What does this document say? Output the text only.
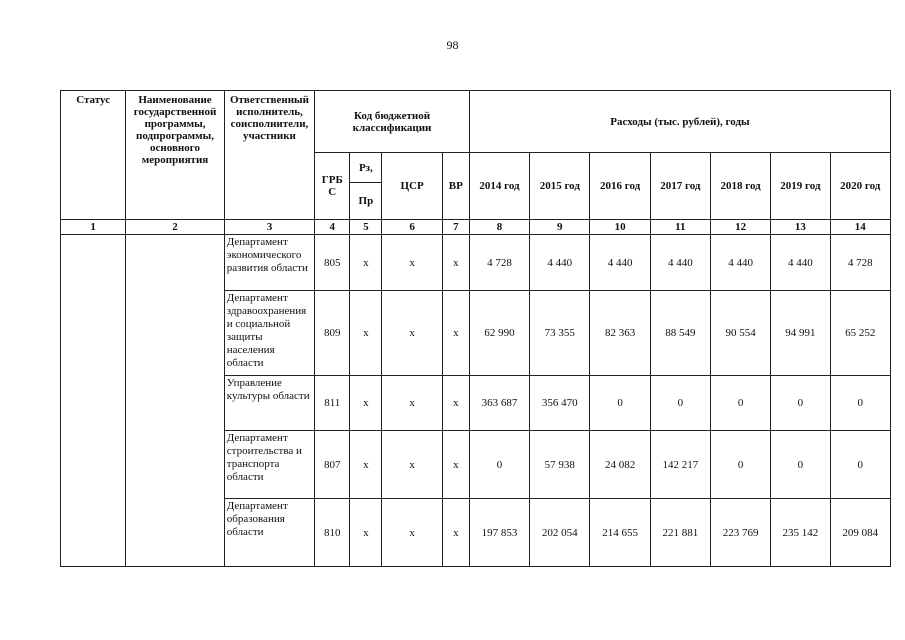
98
Статус	Наименование государственной программы, подпрограммы, основного мероприятия	Ответственный исполнитель, соисполнители, участники	Код бюджетной классификации				Расходы (тыс. рублей), годы						
			ГРБ С	Рз,	ЦСР	ВР	2014 год	2015 год	2016 год	2017 год	2018 год	2019 год	2020 год
				Пр									
1	2	3	4	5	6	7	8	9	10	11	12	13	14
		Департамент экономического развития области	805	х	х	х	4 728	4 440	4 440	4 440	4 440	4 440	4 728
		Департамент здравоохранения и социальной защиты населения области	809	х	х	х	62 990	73 355	82 363	88 549	90 554	94 991	65 252
		Управление культуры области	811	х	х	х	363 687	356 470	0	0	0	0	0
		Департамент строительства и транспорта области	807	х	х	х	0	57 938	24 082	142 217	0	0	0
		Департамент образования области	810	х	х	х	197 853	202 054	214 655	221 881	223 769	235 142	209 084
